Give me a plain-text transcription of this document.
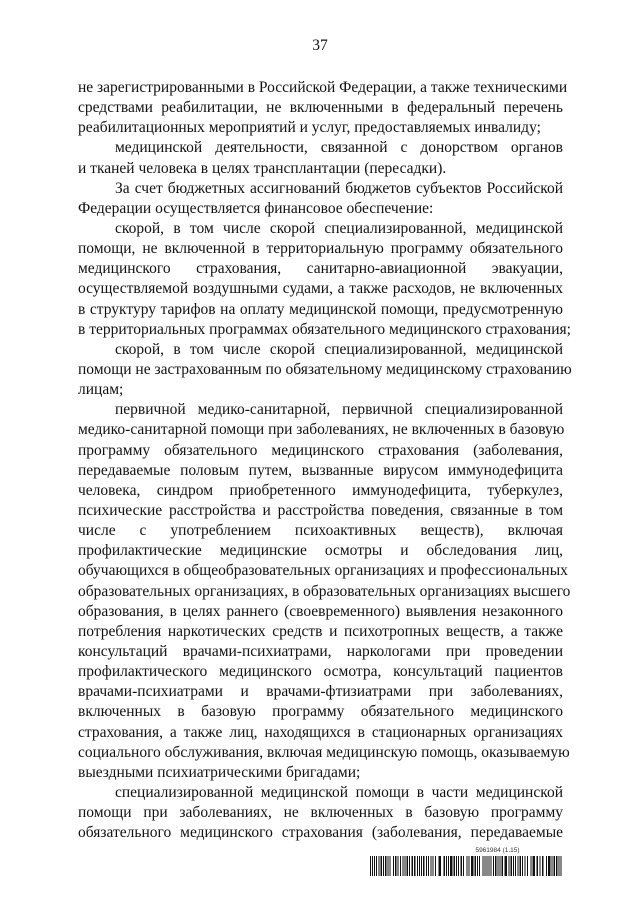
37
не зарегистрированными в Российской Федерации, а также техническими
средствами реабилитации, не включенными в федеральный перечень
реабилитационных мероприятий и услуг, предоставляемых инвалиду;
медицинской деятельности, связанной с донорством органов
и тканей человека в целях трансплантации (пересадки).
За счет бюджетных ассигнований бюджетов субъектов Российской
Федерации осуществляется финансовое обеспечение:
скорой, в том числе скорой специализированной, медицинской
помощи, не включенной в территориальную программу обязательного
медицинского страхования, санитарно-авиационной эвакуации,
осуществляемой воздушными судами, а также расходов, не включенных
в структуру тарифов на оплату медицинской помощи, предусмотренную
в территориальных программах обязательного медицинского страхования;
скорой, в том числе скорой специализированной, медицинской
помощи не застрахованным по обязательному медицинскому страхованию
лицам;
первичной медико-санитарной, первичной специализированной
медико-санитарной помощи при заболеваниях, не включенных в базовую
программу обязательного медицинского страхования (заболевания,
передаваемые половым путем, вызванные вирусом иммунодефицита
человека, синдром приобретенного иммунодефицита, туберкулез,
психические расстройства и расстройства поведения, связанные в том
числе с употреблением психоактивных веществ), включая
профилактические медицинские осмотры и обследования лиц,
обучающихся в общеобразовательных организациях и профессиональных
образовательных организациях, в образовательных организациях высшего
образования, в целях раннего (своевременного) выявления незаконного
потребления наркотических средств и психотропных веществ, а также
консультаций врачами-психиатрами, наркологами при проведении
профилактического медицинского осмотра, консультаций пациентов
врачами-психиатрами и врачами-фтизиатрами при заболеваниях,
включенных в базовую программу обязательного медицинского
страхования, а также лиц, находящихся в стационарных организациях
социального обслуживания, включая медицинскую помощь, оказываемую
выездными психиатрическими бригадами;
специализированной медицинской помощи в части медицинской
помощи при заболеваниях, не включенных в базовую программу
обязательного медицинского страхования (заболевания, передаваемые
5961984 (1.15)
